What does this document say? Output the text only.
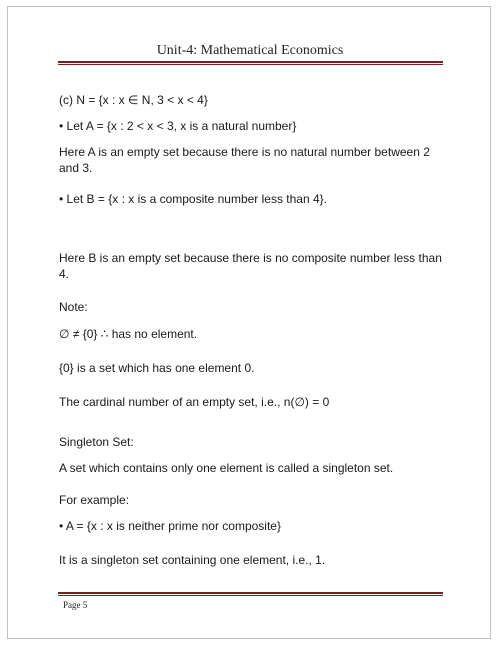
Unit-4: Mathematical Economics
(c) N = {x : x ∈ N, 3 < x < 4}
• Let A = {x : 2 < x < 3, x is a natural number}
Here A is an empty set because there is no natural number between 2 and 3.
• Let B = {x : x is a composite number less than 4}.
Here B is an empty set because there is no composite number less than 4.
Note:
∅ ≠ {0} ∴ has no element.
{0} is a set which has one element 0.
The cardinal number of an empty set, i.e., n(∅) = 0
Singleton Set:
A set which contains only one element is called a singleton set.
For example:
• A = {x : x is neither prime nor composite}
It is a singleton set containing one element, i.e., 1.
Page 5
